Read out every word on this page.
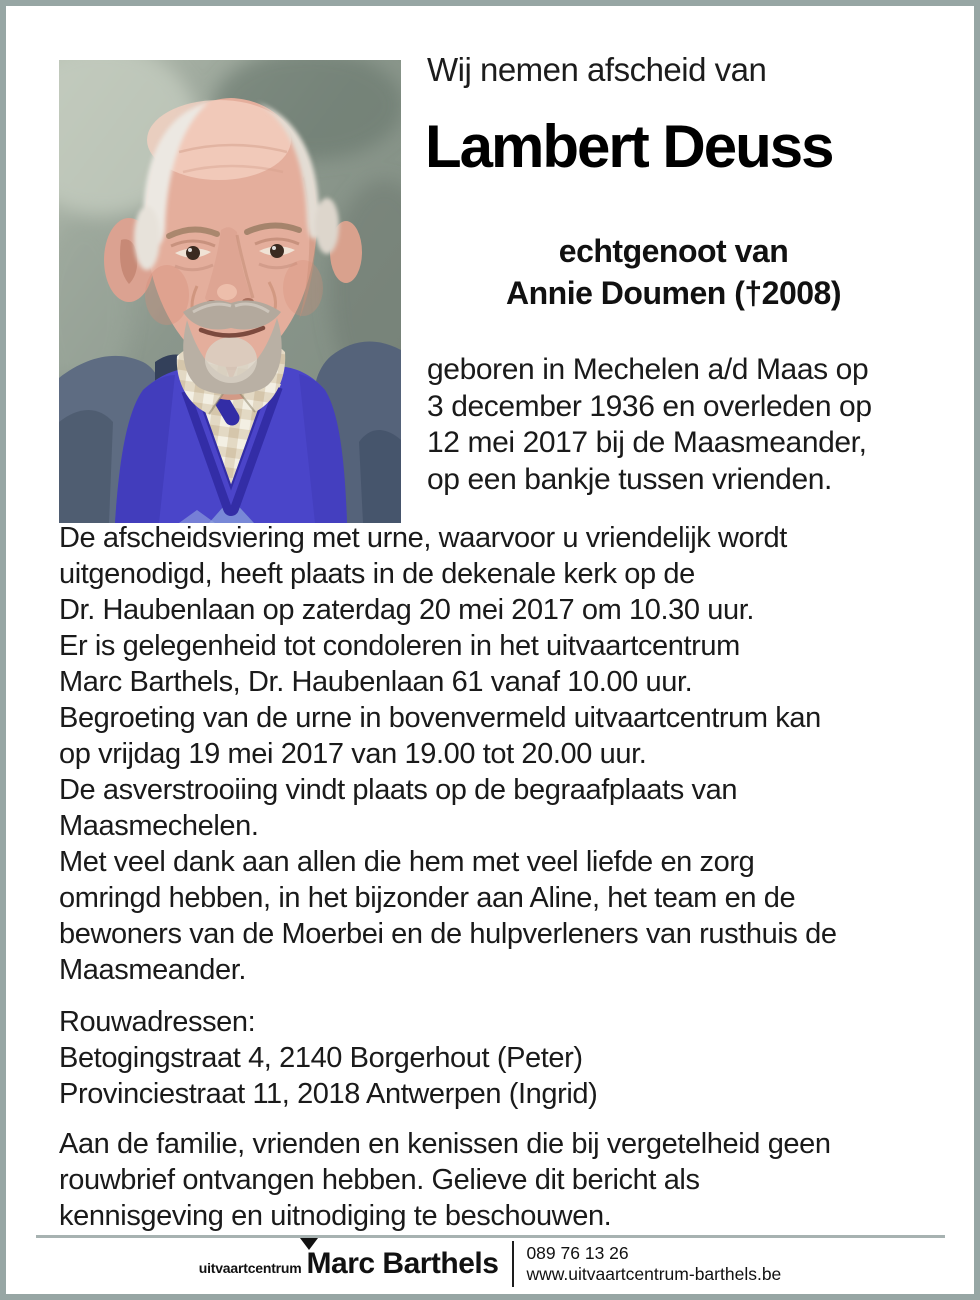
Wij nemen afscheid van
Lambert Deuss
echtgenoot van
Annie Doumen (†2008)
geboren in Mechelen a/d Maas op
3 december 1936 en overleden op
12 mei 2017 bij de Maasmeander,
op een bankje tussen vrienden.
De afscheidsviering met urne, waarvoor u vriendelijk wordt
uitgenodigd, heeft plaats in de dekenale kerk op de
Dr. Haubenlaan op zaterdag 20 mei 2017 om 10.30 uur.
Er is gelegenheid tot condoleren in het uitvaartcentrum
Marc Barthels, Dr. Haubenlaan 61 vanaf 10.00 uur.
Begroeting van de urne in bovenvermeld uitvaartcentrum kan
op vrijdag 19 mei 2017 van 19.00 tot 20.00 uur.
De asverstrooiing vindt plaats op de begraafplaats van
Maasmechelen.
Met veel dank aan allen die hem met veel liefde en zorg
omringd hebben, in het bijzonder aan Aline, het team en de
bewoners van de Moerbei en de hulpverleners van rusthuis de
Maasmeander.
Rouwadressen:
Betogingstraat 4, 2140 Borgerhout (Peter)
Provinciestraat 11, 2018 Antwerpen (Ingrid)
Aan de familie, vrienden en kenissen die bij vergetelheid geen
rouwbrief ontvangen hebben. Gelieve dit bericht als
kennisgeving en uitnodiging te beschouwen.
uitvaartcentrum Marc Barthels 089 76 13 26
www.uitvaartcentrum-barthels.be
